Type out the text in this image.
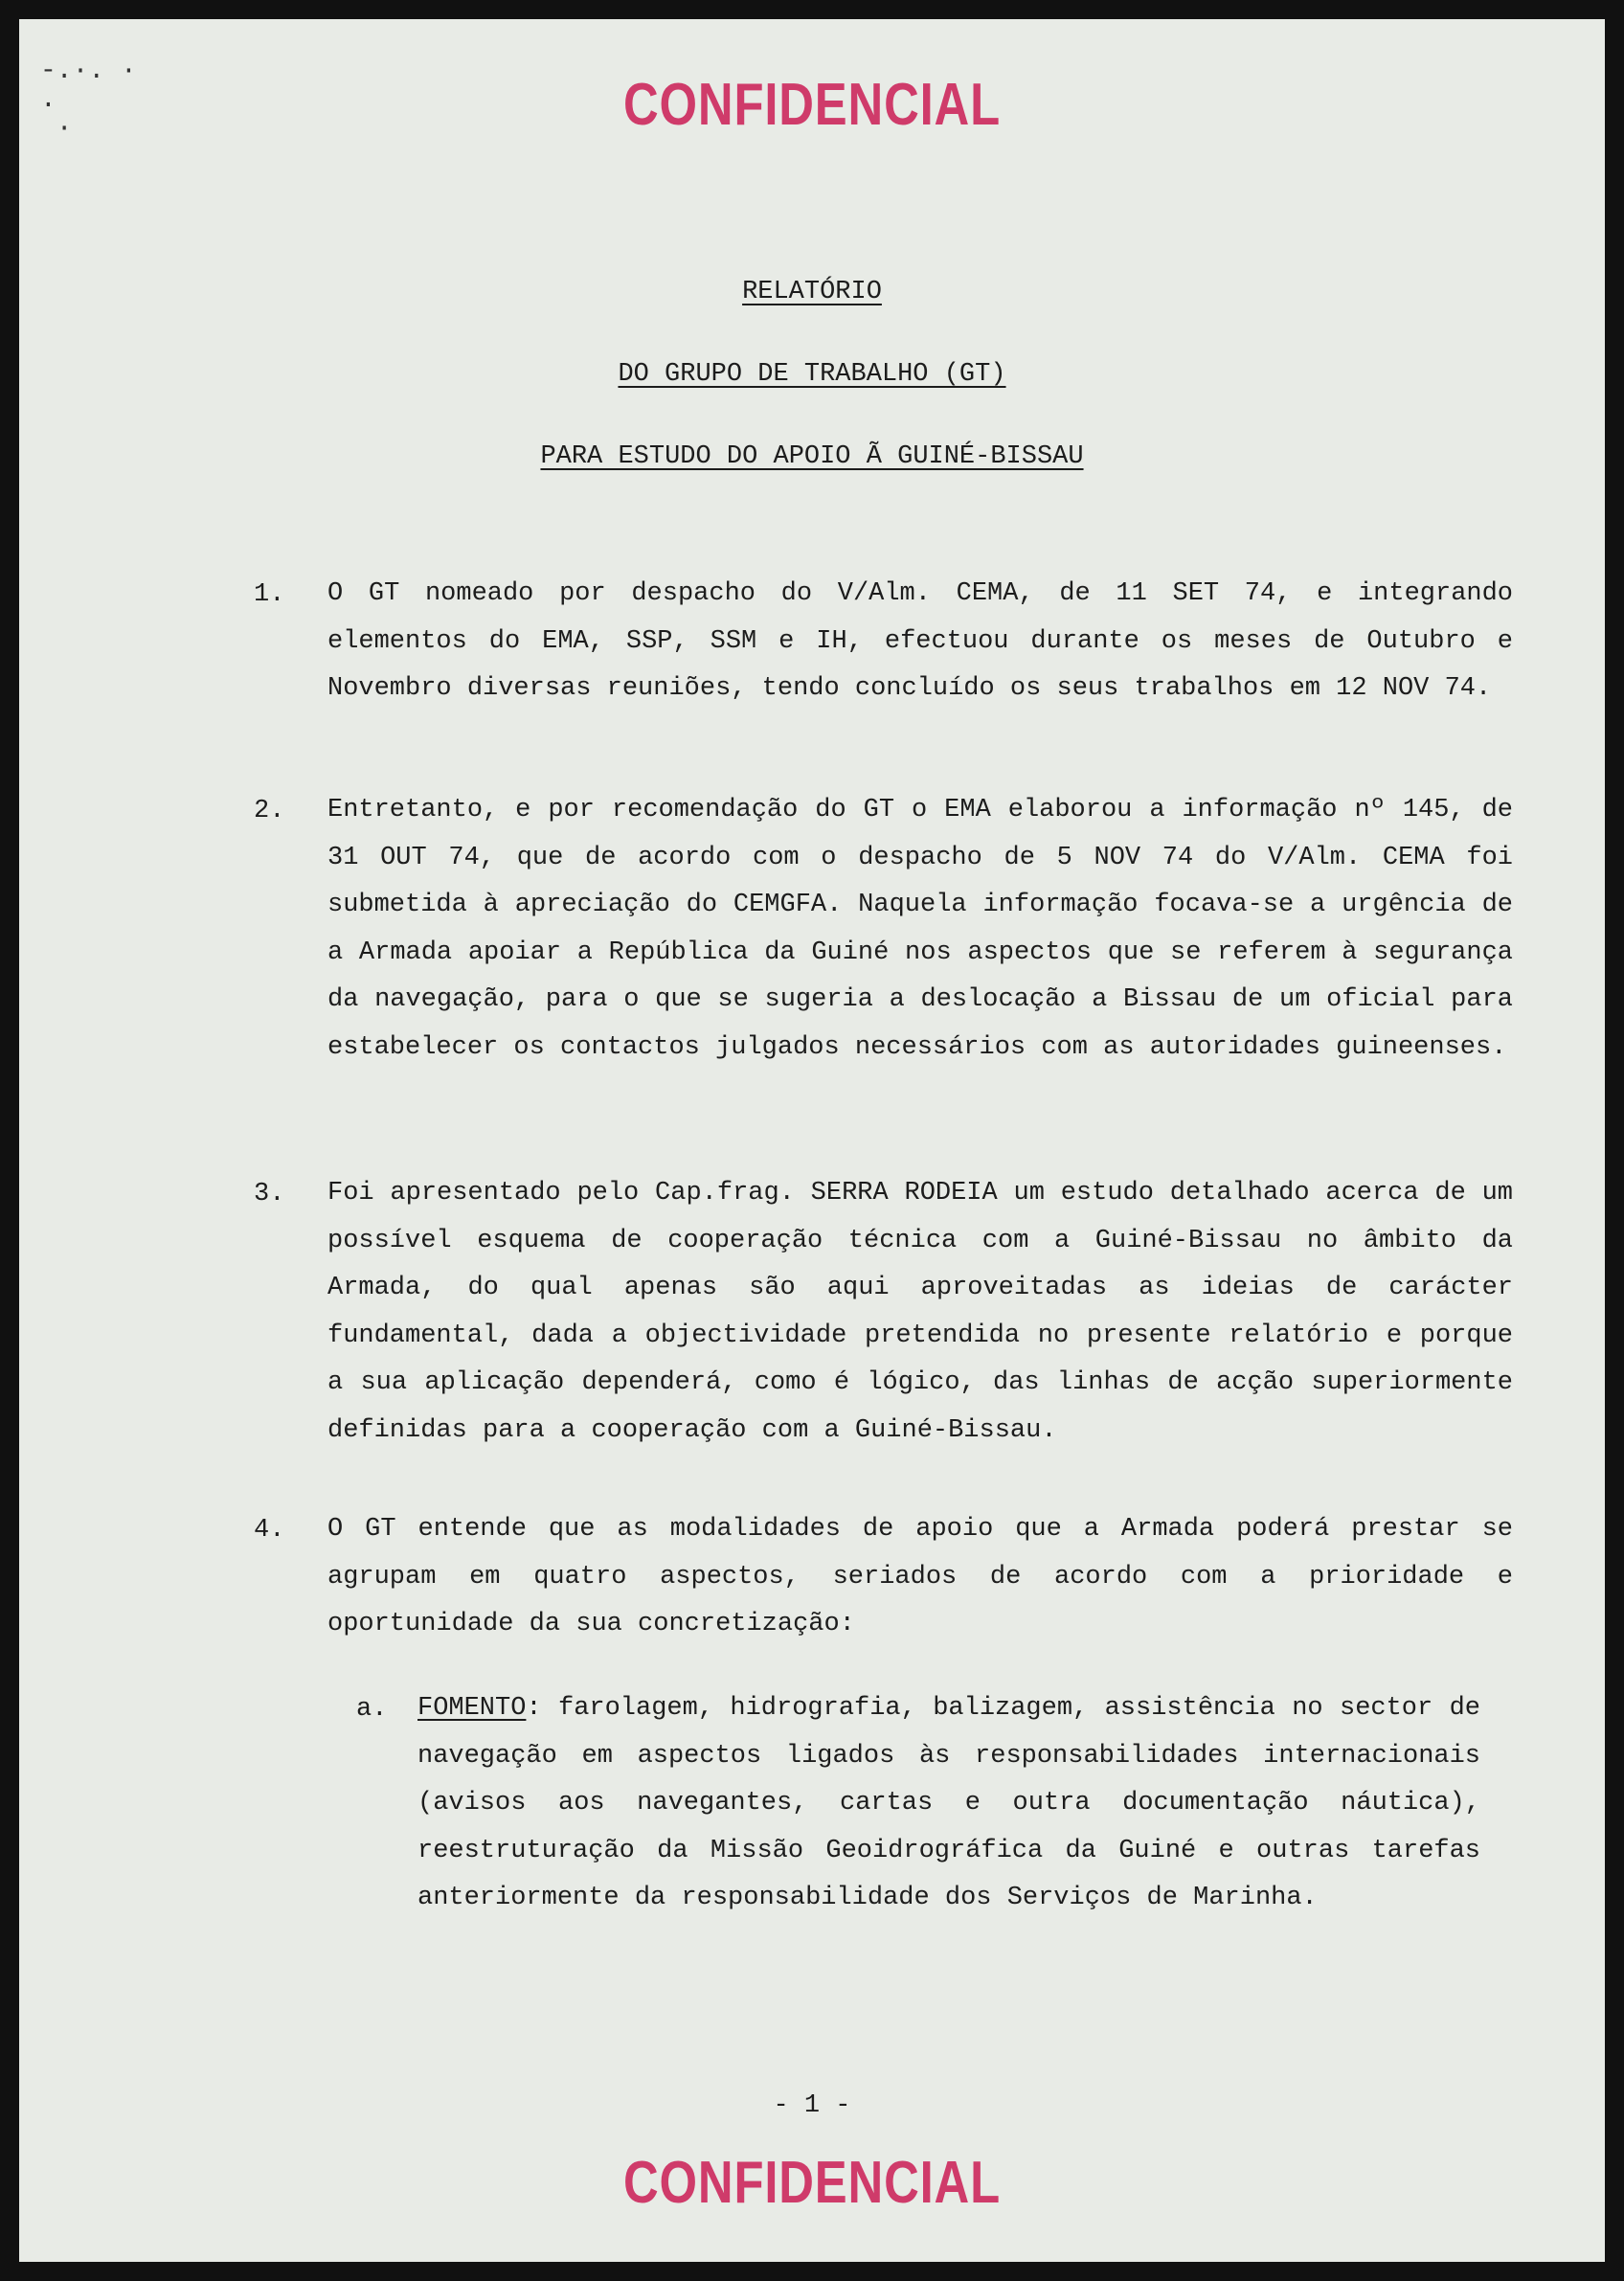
-.·. ·
.
·	CONFIDENCIAL
RELATÓRIO
DO GRUPO DE TRABALHO (GT)
PARA ESTUDO DO APOIO Ã GUINÉ-BISSAU
1. O GT nomeado por despacho do V/Alm. CEMA, de 11 SET 74, e integrando elementos do EMA, SSP, SSM e IH, efectuou durante os meses de Outubro e Novembro diversas reuniões, tendo concluído os seus trabalhos em 12 NOV 74.
2. Entretanto, e por recomendação do GT o EMA elaborou a informação nº 145, de 31 OUT 74, que de acordo com o despacho de 5 NOV 74 do V/Alm. CEMA foi submetida à apreciação do CEMGFA. Naquela informação focava-se a urgência de a Armada apoiar a República da Guiné nos aspectos que se referem à segurança da navegação, para o que se sugeria a deslocação a Bissau de um oficial para estabelecer os contactos julgados necessários com as autoridades guineenses.
3. Foi apresentado pelo Cap.frag. SERRA RODEIA um estudo detalhado acerca de um possível esquema de cooperação técnica com a Guiné-Bissau no âmbito da Armada, do qual apenas são aqui aproveitadas as ideias de carácter fundamental, dada a objectividade pretendida no presente relatório e porque a sua aplicação dependerá, como é lógico, das linhas de acção superiormente definidas para a cooperação com a Guiné-Bissau.
4. O GT entende que as modalidades de apoio que a Armada poderá prestar se agrupam em quatro aspectos, seriados de acordo com a prioridade e oportunidade da sua concretização:
a. FOMENTO: farolagem, hidrografia, balizagem, assistência no sector de navegação em aspectos ligados às responsabilidades internacionais (avisos aos navegantes, cartas e outra documentação náutica), reestruturação da Missão Geoidrográfica da Guiné e outras tarefas anteriormente da responsabilidade dos Serviços de Marinha.
- 1 -
CONFIDENCIAL
